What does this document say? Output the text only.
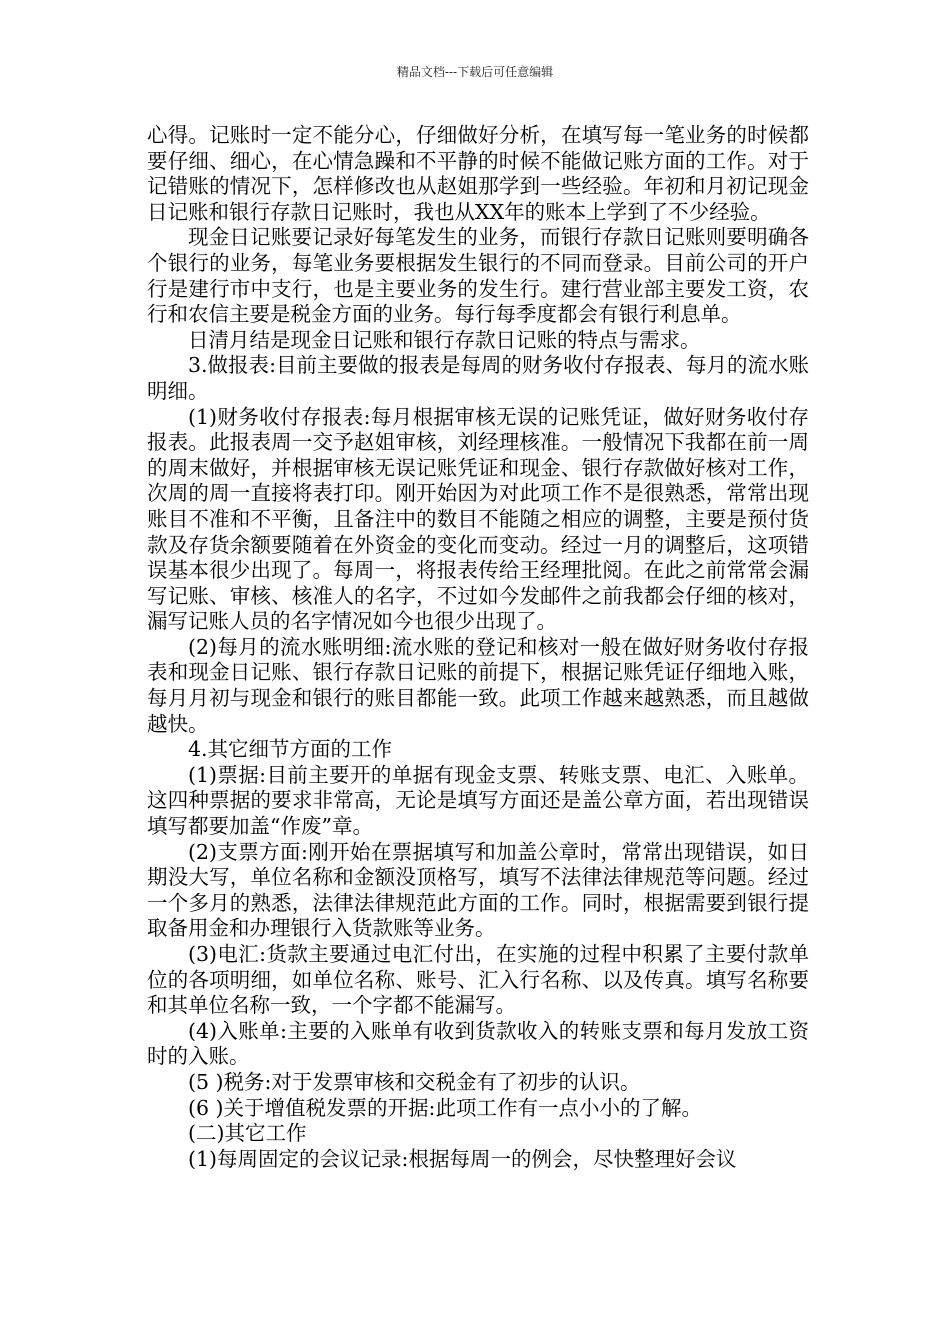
精品文档---下载后可任意编辑

心得。记账时一定不能分心，仔细做好分析，在填写每一笔业务的时候都要仔细、细心，在心情急躁和不平静的时候不能做记账方面的工作。对于记错账的情况下，怎样修改也从赵姐那学到一些经验。年初和月初记现金日记账和银行存款日记账时，我也从XX年的账本上学到了不少经验。

现金日记账要记录好每笔发生的业务，而银行存款日记账则要明确各个银行的业务，每笔业务要根据发生银行的不同而登录。目前公司的开户行是建行市中支行，也是主要业务的发生行。建行营业部主要发工资，农行和农信主要是税金方面的业务。每行每季度都会有银行利息单。

日清月结是现金日记账和银行存款日记账的特点与需求。

3.做报表:目前主要做的报表是每周的财务收付存报表、每月的流水账明细。

(1)财务收付存报表:每月根据审核无误的记账凭证，做好财务收付存报表。此报表周一交予赵姐审核，刘经理核准。一般情况下我都在前一周的周末做好，并根据审核无误记账凭证和现金、银行存款做好核对工作，次周的周一直接将表打印。刚开始因为对此项工作不是很熟悉，常常出现账目不准和不平衡，且备注中的数目不能随之相应的调整，主要是预付货款及存货余额要随着在外资金的变化而变动。经过一月的调整后，这项错误基本很少出现了。每周一，将报表传给王经理批阅。在此之前常常会漏写记账、审核、核准人的名字，不过如今发邮件之前我都会仔细的核对，漏写记账人员的名字情况如今也很少出现了。

(2)每月的流水账明细:流水账的登记和核对一般在做好财务收付存报表和现金日记账、银行存款日记账的前提下，根据记账凭证仔细地入账，每月月初与现金和银行的账目都能一致。此项工作越来越熟悉，而且越做越快。

4.其它细节方面的工作

(1)票据:目前主要开的单据有现金支票、转账支票、电汇、入账单。这四种票据的要求非常高，无论是填写方面还是盖公章方面，若出现错误填写都要加盖“作废”章。

(2)支票方面:刚开始在票据填写和加盖公章时，常常出现错误，如日期没大写，单位名称和金额没顶格写，填写不法律法律规范等问题。经过一个多月的熟悉，法律法律规范此方面的工作。同时，根据需要到银行提取备用金和办理银行入货款账等业务。

(3)电汇:货款主要通过电汇付出，在实施的过程中积累了主要付款单位的各项明细，如单位名称、账号、汇入行名称、以及传真。填写名称要和其单位名称一致，一个字都不能漏写。

(4)入账单:主要的入账单有收到货款收入的转账支票和每月发放工资时的入账。

(5 )税务:对于发票审核和交税金有了初步的认识。

(6 )关于增值税发票的开据:此项工作有一点小小的了解。

(二)其它工作

(1)每周固定的会议记录:根据每周一的例会，尽快整理好会议
